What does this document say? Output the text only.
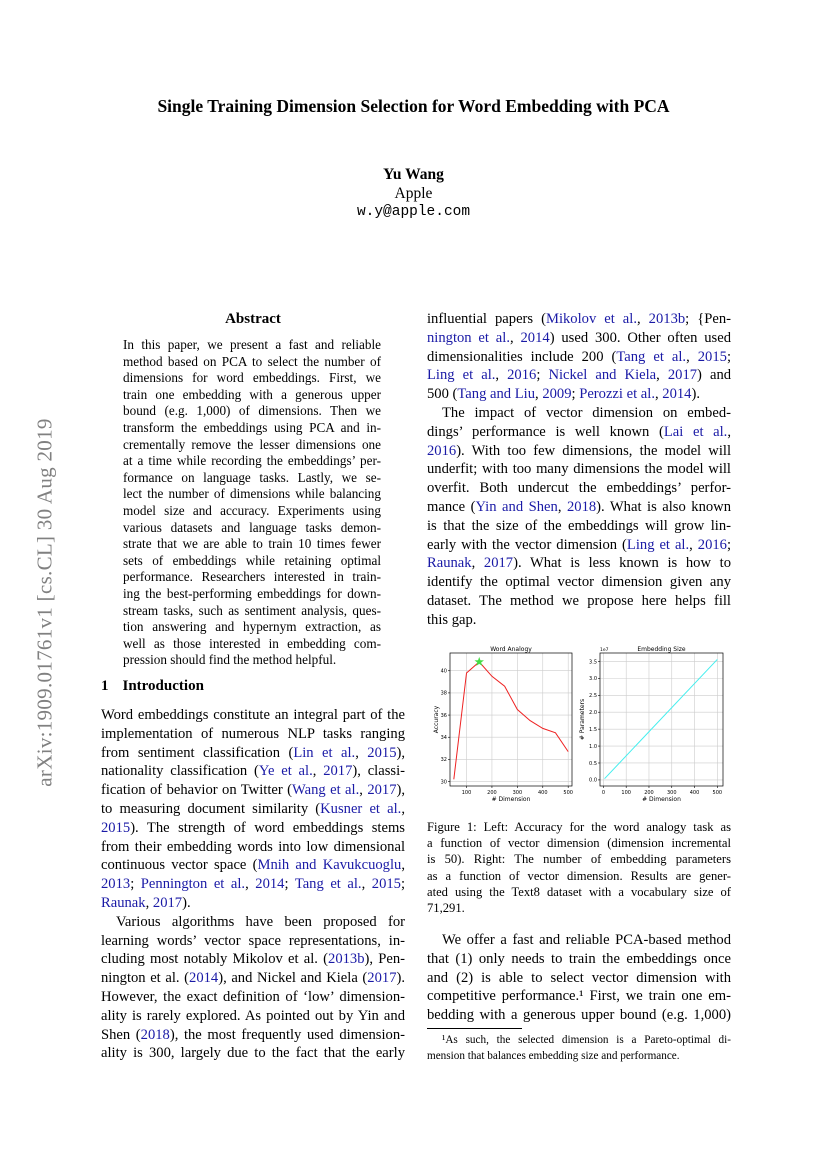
arXiv:1909.01761v1 [cs.CL] 30 Aug 2019
Single Training Dimension Selection for Word Embedding with PCA
Yu Wang
Apple
w.y@apple.com
Abstract
In this paper, we present a fast and reliable
method based on PCA to select the number of
dimensions for word embeddings. First, we
train one embedding with a generous upper
bound (e.g. 1,000) of dimensions. Then we
transform the embeddings using PCA and in-
crementally remove the lesser dimensions one
at a time while recording the embeddings’ per-
formance on language tasks. Lastly, we se-
lect the number of dimensions while balancing
model size and accuracy. Experiments using
various datasets and language tasks demon-
strate that we are able to train 10 times fewer
sets of embeddings while retaining optimal
performance. Researchers interested in train-
ing the best-performing embeddings for down-
stream tasks, such as sentiment analysis, ques-
tion answering and hypernym extraction, as
well as those interested in embedding com-
pression should find the method helpful.
1 Introduction
Word embeddings constitute an integral part of the
implementation of numerous NLP tasks ranging
from sentiment classification (Lin et al., 2015),
nationality classification (Ye et al., 2017), classi-
fication of behavior on Twitter (Wang et al., 2017),
to measuring document similarity (Kusner et al.,
2015). The strength of word embeddings stems
from their embedding words into low dimensional
continuous vector space (Mnih and Kavukcuoglu,
2013; Pennington et al., 2014; Tang et al., 2015;
Raunak, 2017).
Various algorithms have been proposed for
learning words’ vector space representations, in-
cluding most notably Mikolov et al. (2013b), Pen-
nington et al. (2014), and Nickel and Kiela (2017).
However, the exact definition of ‘low’ dimension-
ality is rarely explored. As pointed out by Yin and
Shen (2018), the most frequently used dimension-
ality is 300, largely due to the fact that the early
influential papers (Mikolov et al., 2013b; {Pen-
nington et al., 2014) used 300. Other often used
dimensionalities include 200 (Tang et al., 2015;
Ling et al., 2016; Nickel and Kiela, 2017) and
500 (Tang and Liu, 2009; Perozzi et al., 2014).
The impact of vector dimension on embed-
dings’ performance is well known (Lai et al.,
2016). With too few dimensions, the model will
underfit; with too many dimensions the model will
overfit. Both undercut the embeddings’ perfor-
mance (Yin and Shen, 2018). What is also known
is that the size of the embeddings will grow lin-
early with the vector dimension (Ling et al., 2016;
Raunak, 2017). What is less known is how to
identify the optimal vector dimension given any
dataset. The method we propose here helps fill
this gap.
100	200	300	400	500
30
32
34
36
38
40
Word Analogy
# Dimension
Accuracy
0	100	200	300	400	500
0.0
0.5
1.0
1.5
2.0
2.5
3.0
3.5
Embedding Size
# Dimension
# Parameters
1e7
Figure 1: Left: Accuracy for the word analogy task as
a function of vector dimension (dimension incremental
is 50). Right: The number of embedding parameters
as a function of vector dimension. Results are gener-
ated using the Text8 dataset with a vocabulary size of
71,291.
We offer a fast and reliable PCA-based method
that (1) only needs to train the embeddings once
and (2) is able to select vector dimension with
competitive performance.¹ First, we train one em-
bedding with a generous upper bound (e.g. 1,000)
¹As such, the selected dimension is a Pareto-optimal di-
mension that balances embedding size and performance.
